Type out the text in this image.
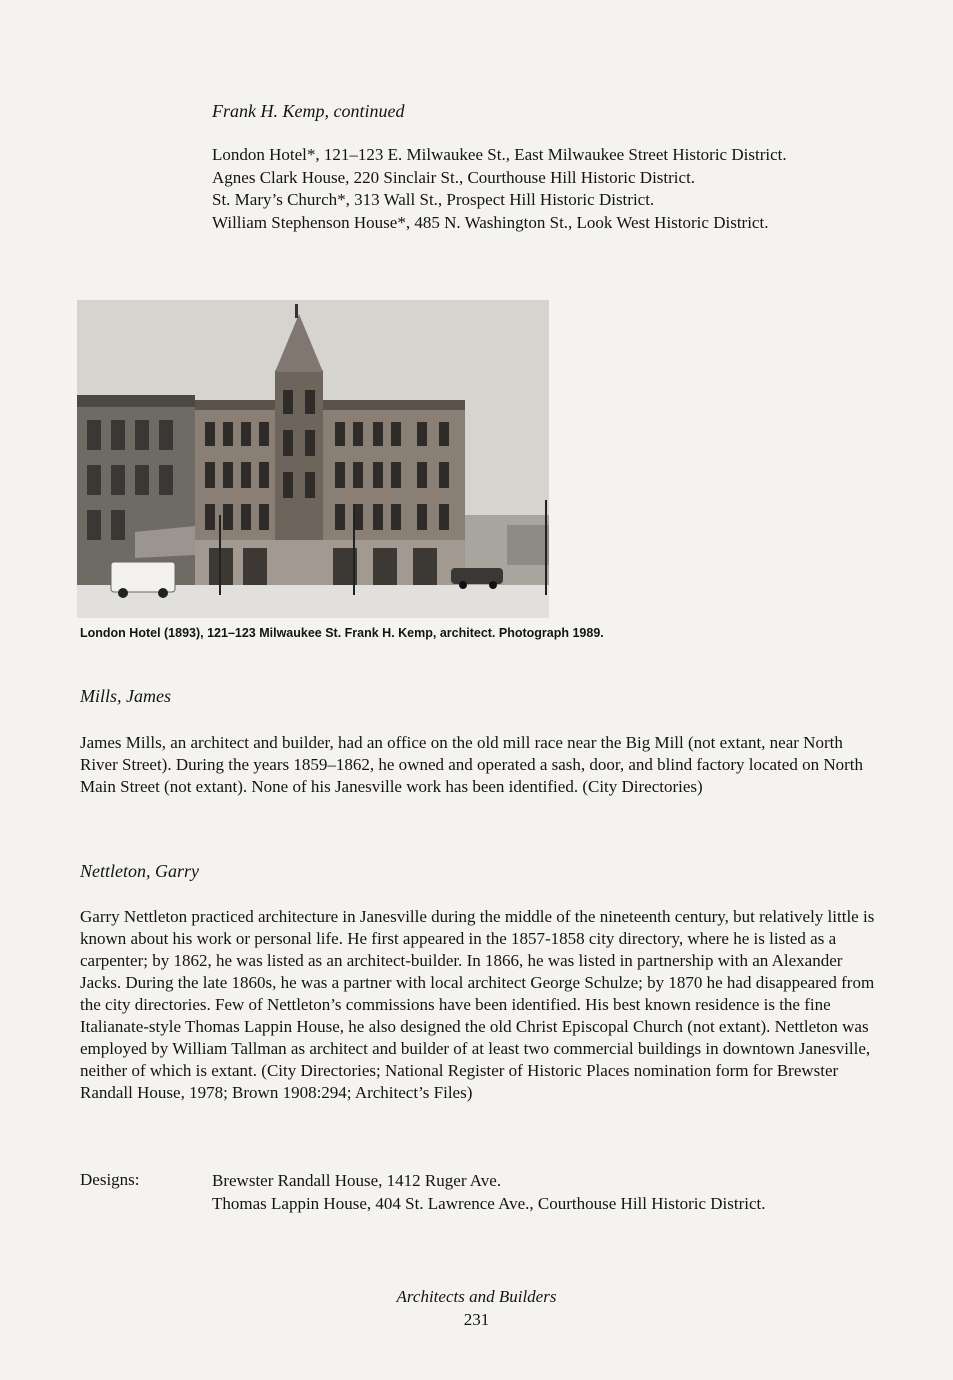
Frank H. Kemp, continued
London Hotel*, 121–123 E. Milwaukee St., East Milwaukee Street Historic District.
Agnes Clark House, 220 Sinclair St., Courthouse Hill Historic District.
St. Mary’s Church*, 313 Wall St., Prospect Hill Historic District.
William Stephenson House*, 485 N. Washington St., Look West Historic District.
London Hotel (1893), 121–123 Milwaukee St. Frank H. Kemp, architect. Photograph 1989.
Mills, James
James Mills, an architect and builder, had an office on the old mill race near the Big Mill (not extant, near North River Street). During the years 1859–1862, he owned and operated a sash, door, and blind factory located on North Main Street (not extant). None of his Janesville work has been identified. (City Directories)
Nettleton, Garry
Garry Nettleton practiced architecture in Janesville during the middle of the nineteenth century, but relatively little is known about his work or personal life. He first appeared in the 1857-1858 city directory, where he is listed as a carpenter; by 1862, he was listed as an architect-builder. In 1866, he was listed in partnership with an Alexander Jacks. During the late 1860s, he was a partner with local architect George Schulze; by 1870 he had disappeared from the city directories. Few of Nettleton’s commissions have been identified. His best known residence is the fine Italianate-style Thomas Lappin House, he also designed the old Christ Episcopal Church (not extant). Nettleton was employed by William Tallman as architect and builder of at least two commercial buildings in downtown Janesville, neither of which is extant. (City Directories; National Register of Historic Places nomination form for Brewster Randall House, 1978; Brown 1908:294; Architect’s Files)
Designs:	Brewster Randall House, 1412 Ruger Ave.
Thomas Lappin House, 404 St. Lawrence Ave., Courthouse Hill Historic District.
Architects and Builders
231
